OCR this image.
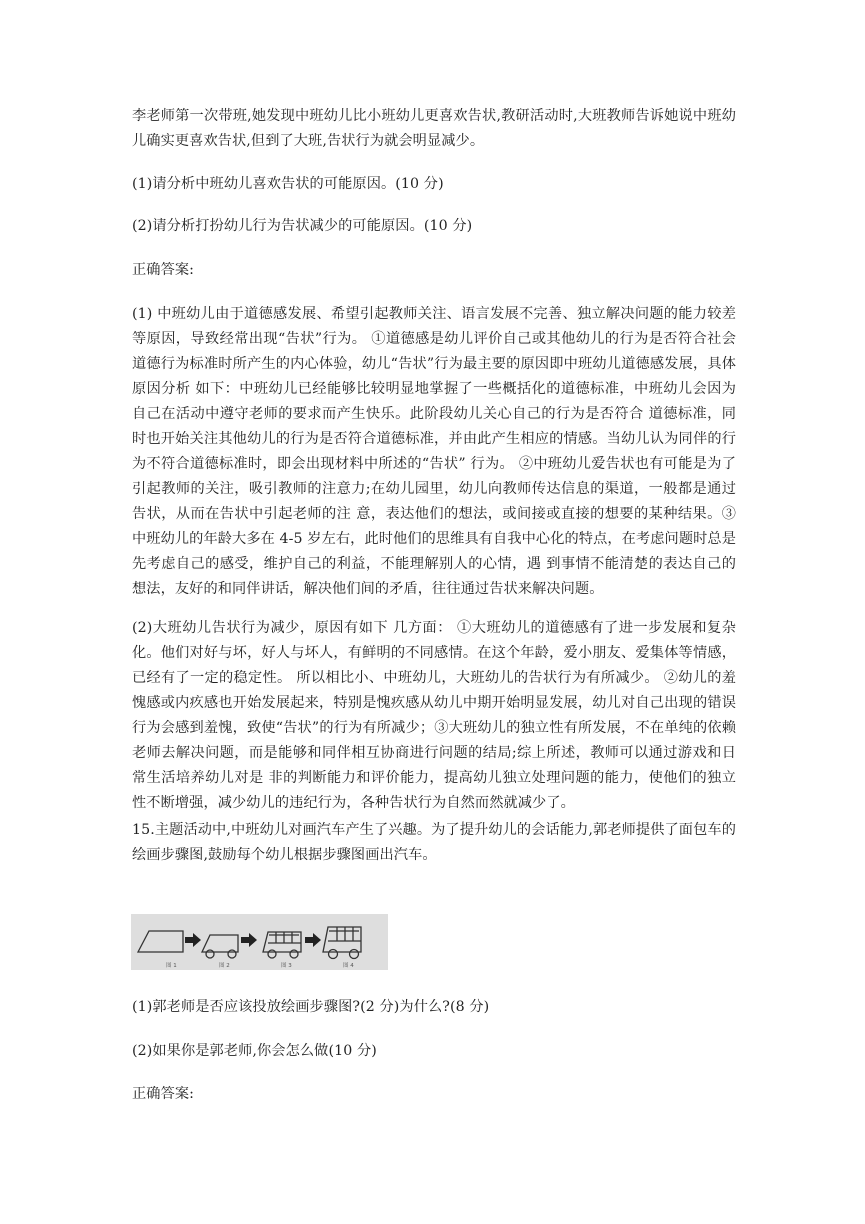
李老师第一次带班,她发现中班幼儿比小班幼儿更喜欢告状,教研活动时,大班教师告诉她说中班幼儿确实更喜欢告状,但到了大班,告状行为就会明显减少。

(1)请分析中班幼儿喜欢告状的可能原因。(10 分)

(2)请分析打扮幼儿行为告状减少的可能原因。(10 分)

正确答案:

(1) 中班幼儿由于道德感发展、希望引起教师关注、语言发展不完善、独立解决问题的能力较差等原因，导致经常出现“告状”行为。 ①道德感是幼儿评价自己或其他幼儿的行为是否符合社会道德行为标准时所产生的内心体验，幼儿“告状”行为最主要的原因即中班幼儿道德感发展，具体原因分析 如下：中班幼儿已经能够比较明显地掌握了一些概括化的道德标准，中班幼儿会因为自己在活动中遵守老师的要求而产生快乐。此阶段幼儿关心自己的行为是否符合 道德标准，同时也开始关注其他幼儿的行为是否符合道德标准，并由此产生相应的情感。当幼儿认为同伴的行为不符合道德标准时，即会出现材料中所述的“告状” 行为。 ②中班幼儿爱告状也有可能是为了引起教师的关注，吸引教师的注意力;在幼儿园里，幼儿向教师传达信息的渠道，一般都是通过告状，从而在告状中引起老师的注 意，表达他们的想法，或间接或直接的想要的某种结果。③中班幼儿的年龄大多在 4-5 岁左右，此时他们的思维具有自我中心化的特点，在考虑问题时总是先考虑自己的感受，维护自己的利益，不能理解别人的心情，遇 到事情不能清楚的表达自己的想法，友好的和同伴讲话，解决他们间的矛盾，往往通过告状来解决问题。

(2)大班幼儿告状行为减少，原因有如下 几方面： ①大班幼儿的道德感有了进一步发展和复杂化。他们对好与坏，好人与坏人，有鲜明的不同感情。在这个年龄，爱小朋友、爱集体等情感，已经有了一定的稳定性。 所以相比小、中班幼儿，大班幼儿的告状行为有所减少。 ②幼儿的羞愧感或内疚感也开始发展起来，特别是愧疚感从幼儿中期开始明显发展，幼儿对自己出现的错误行为会感到羞愧，致使“告状”的行为有所减少；③大班幼儿的独立性有所发展，不在单纯的依赖老师去解决问题，而是能够和同伴相互协商进行问题的结局;综上所述，教师可以通过游戏和日常生活培养幼儿对是 非的判断能力和评价能力，提高幼儿独立处理问题的能力，使他们的独立性不断增强，减少幼儿的违纪行为，各种告状行为自然而然就减少了。

15.主题活动中,中班幼儿对画汽车产生了兴趣。为了提升幼儿的会话能力,郭老师提供了面包车的绘画步骤图,鼓励每个幼儿根据步骤图画出汽车。

图 1	图 2	图 3	图 4

(1)郭老师是否应该投放绘画步骤图?(2 分)为什么?(8 分)

(2)如果你是郭老师,你会怎么做(10 分)

正确答案:
